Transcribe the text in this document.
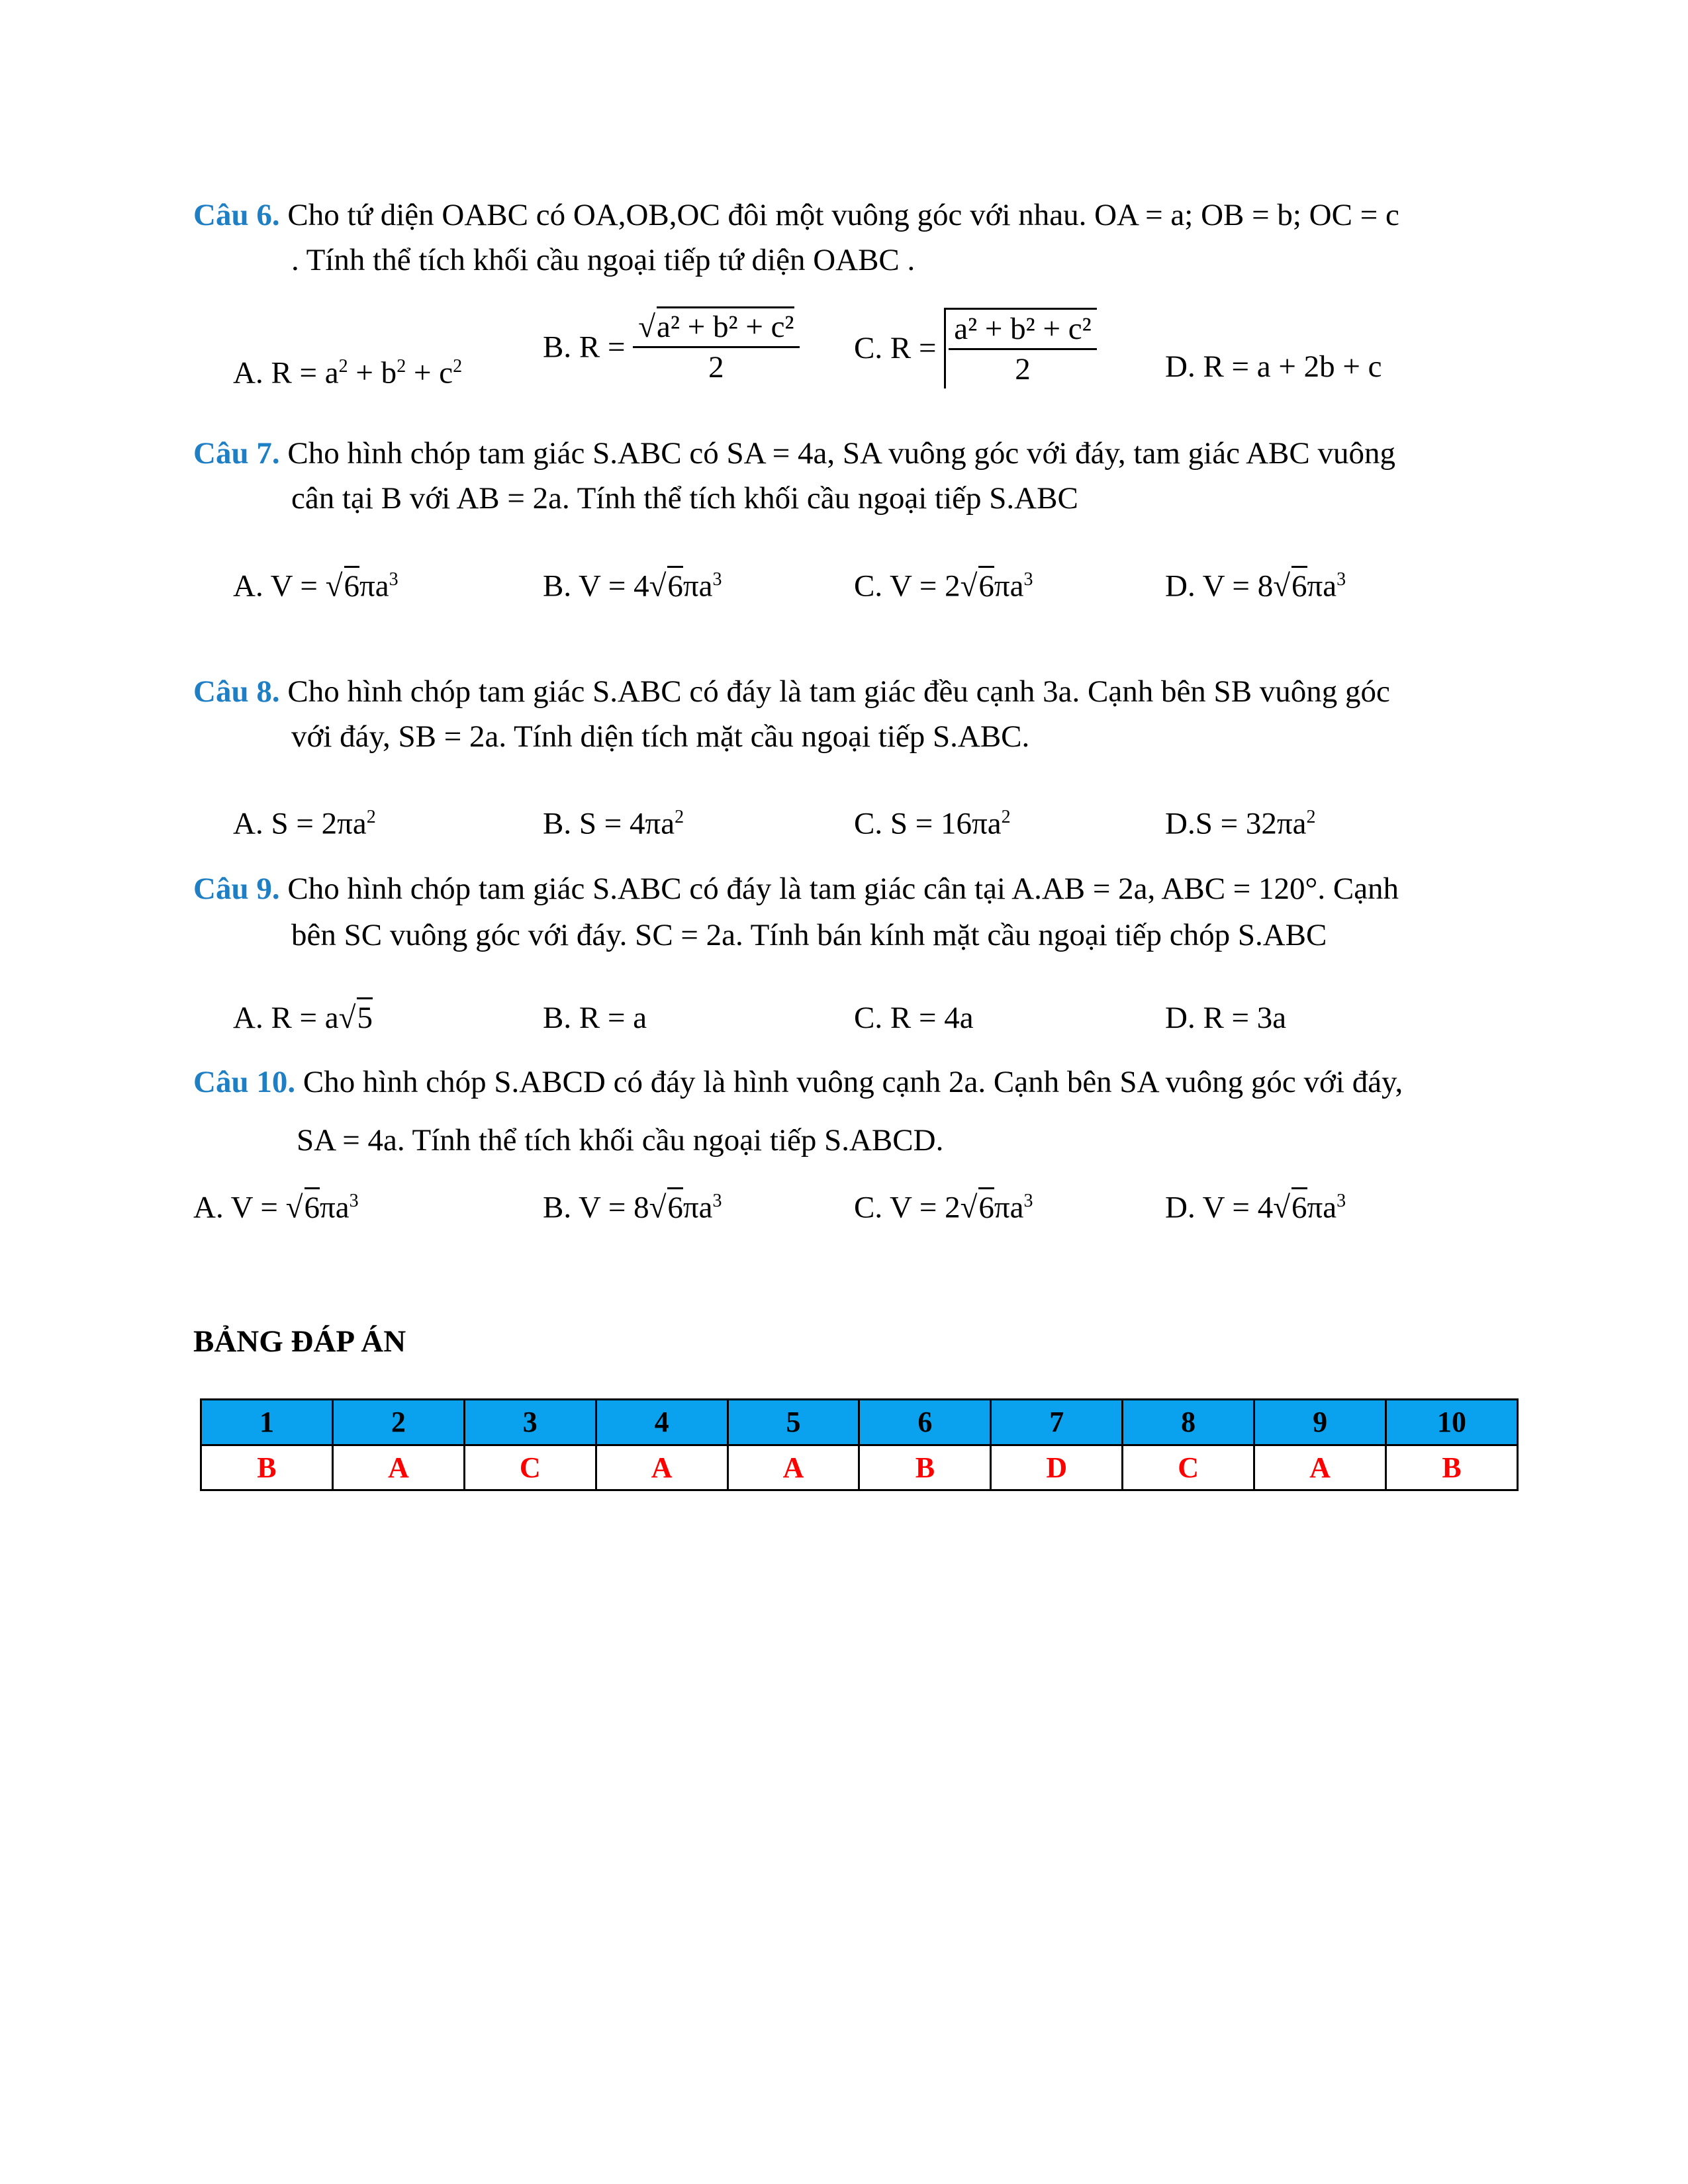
Câu 6. Cho tứ diện OABC có OA,OB,OC đôi một vuông góc với nhau. OA = a; OB = b; OC = c
. Tính thể tích khối cầu ngoại tiếp tứ diện OABC .
A. $R = a^2 + b^2 + c^2$
B. $R = \frac{\text{√a² + b² + c²}}{2} C$. $R = \frac{\text{a² + b² + c²}}{2} D$. R = a + 2b + c
Câu 7. Cho hình chóp tam giác S.ABC có SA = 4a, SA vuông góc với đáy, tam giác ABC vuông
cân tại B với AB = 2a. Tính thể tích khối cầu ngoại tiếp S.ABC
A. $V = √6\pi a^3$	B. $V = 4√6\pi a^3$	C. $V = 2√6\pi a^3$	D. $V = 8√6\pi a^3$
Câu 8. Cho hình chóp tam giác S.ABC có đáy là tam giác đều cạnh 3a. Cạnh bên SB vuông góc
với đáy, SB = 2a. Tính diện tích mặt cầu ngoại tiếp S.ABC.
A. $S = 2\pi a^2$	B. $S = 4\pi a^2$	C. $S = 16\pi a^2$	$D.S = 32\pi a^2$
Câu 9. Cho hình chóp tam giác S.ABC có đáy là tam giác cân tại A.AB = 2a, ABC = 120°. Cạnh
bên SC vuông góc với đáy. SC = 2a. Tính bán kính mặt cầu ngoại tiếp chóp S.ABC
A. R = a√5	B. R = a	C. R = 4a	D. R = 3a
Câu 10. Cho hình chóp S.ABCD có đáy là hình vuông cạnh 2a. Cạnh bên SA vuông góc với đáy,
SA = 4a. Tính thể tích khối cầu ngoại tiếp S.ABCD.
A. $V = √6\pi a^3$	B. $V = 8√6\pi a^3$	C. $V = 2√6\pi a^3$	D. $V = 4√6\pi a^3$
BẢNG ĐÁP ÁN
1	2	3	4	5	6	7	8	9	10
B	A	C	A	A	B	D	C	A	B
